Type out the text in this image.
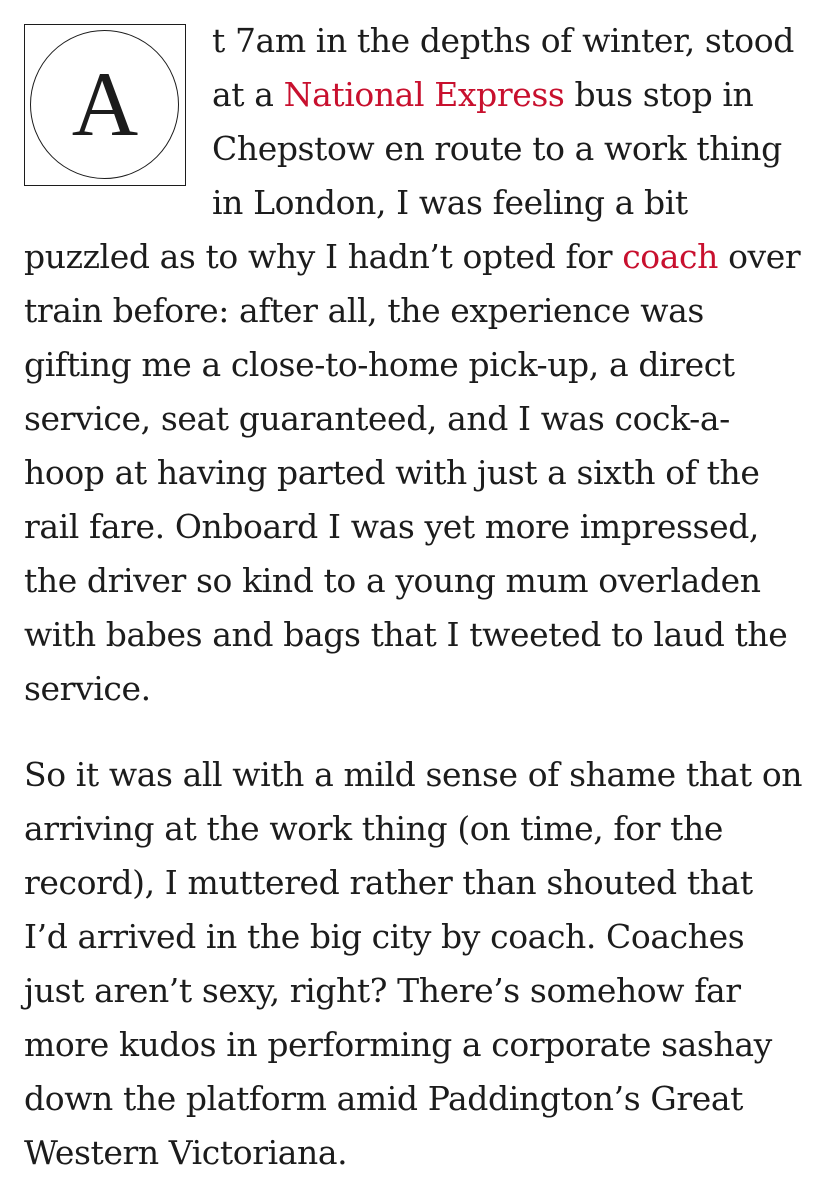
A
t 7am in the depths of winter, stood at a National Express bus stop in Chepstow en route to a work thing in London, I was feeling a bit puzzled as to why I hadn’t opted for coach over train before: after all, the experience was gifting me a close-to-home pick-up, a direct service, seat guaranteed, and I was cock-a-hoop at having parted with just a sixth of the rail fare. Onboard I was yet more impressed, the driver so kind to a young mum overladen with babes and bags that I tweeted to laud the service.

So it was all with a mild sense of shame that on arriving at the work thing (on time, for the record), I muttered rather than shouted that I’d arrived in the big city by coach. Coaches just aren’t sexy, right? There’s somehow far more kudos in performing a corporate sashay down the platform amid Paddington’s Great Western Victoriana.
